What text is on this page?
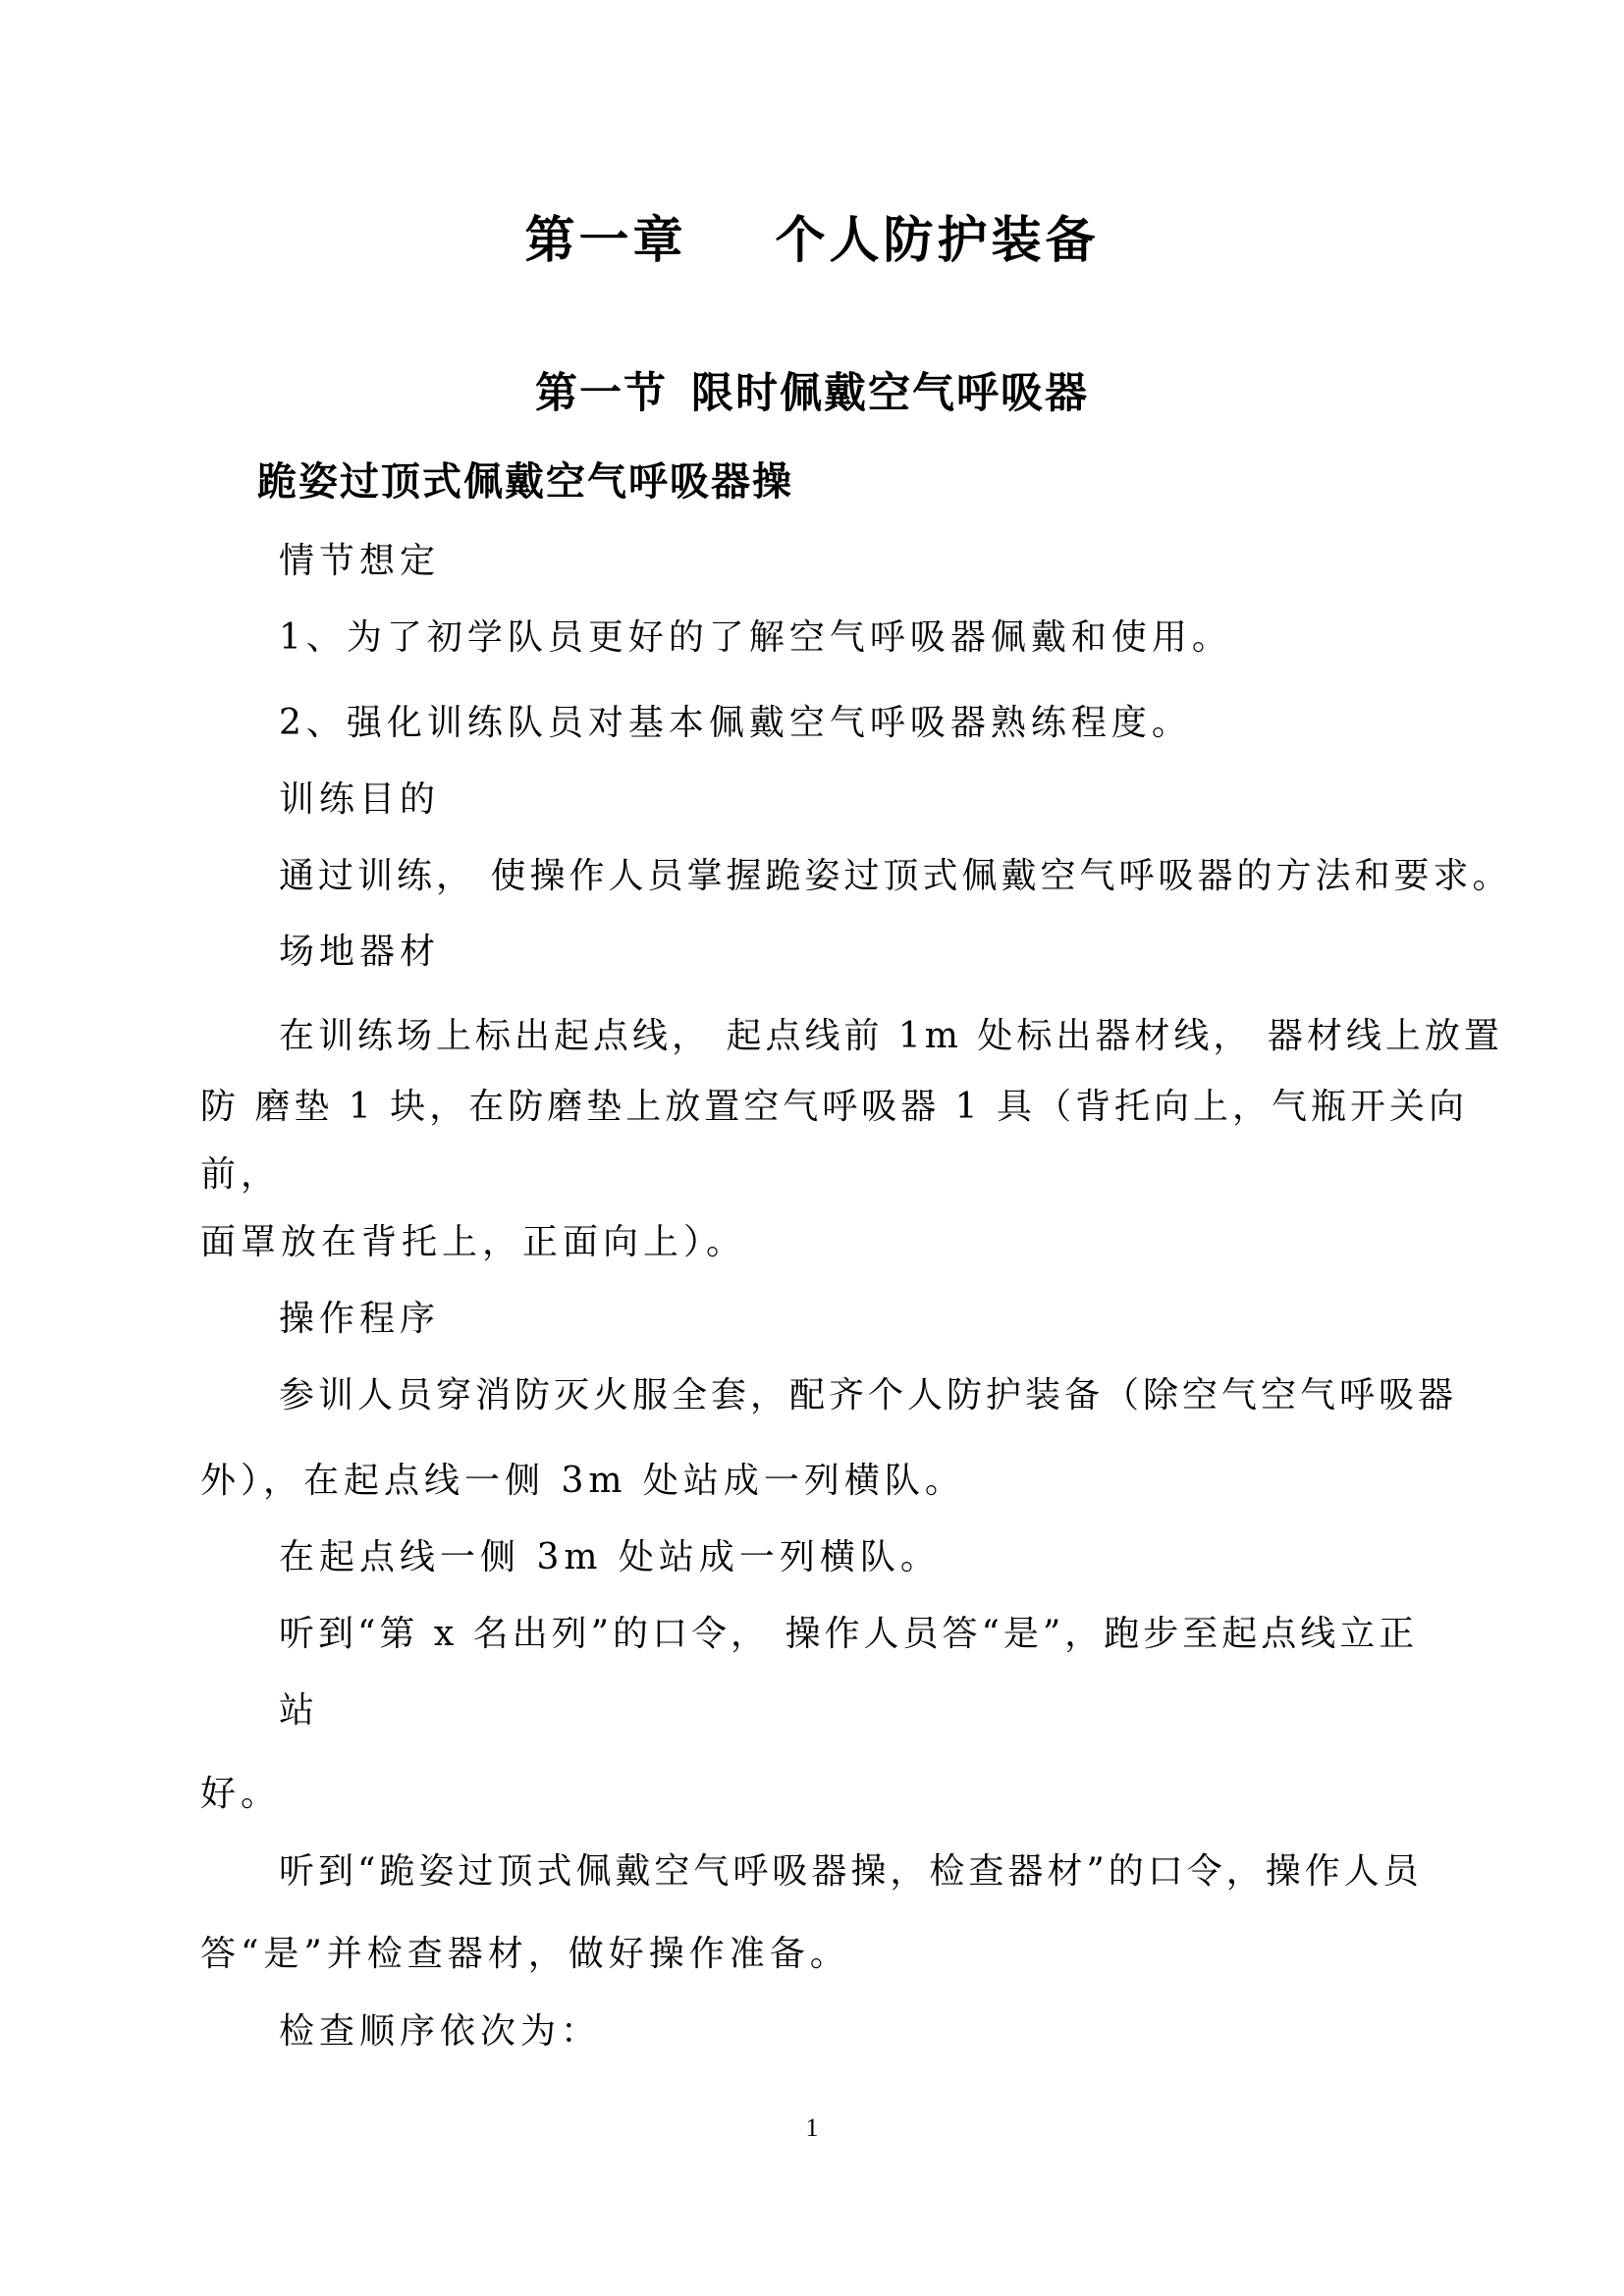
第一章 个人防护装备
第一节 限时佩戴空气呼吸器
跪姿过顶式佩戴空气呼吸器操

情节想定

1、为了初学队员更好的了解空气呼吸器佩戴和使用。

2、强化训练队员对基本佩戴空气呼吸器熟练程度。

训练目的

通过训练， 使操作人员掌握跪姿过顶式佩戴空气呼吸器的方法和要求。

场地器材

在训练场上标出起点线， 起点线前 1m 处标出器材线， 器材线上放置

防 磨垫 1 块，在防磨垫上放置空气呼吸器 1 具（背托向上，气瓶开关向

前，

面罩放在背托上，正面向上）。

操作程序

参训人员穿消防灭火服全套，配齐个人防护装备（除空气空气呼吸器

外），在起点线一侧 3m 处站成一列横队。

在起点线一侧 3m 处站成一列横队。

听到“第 x 名出列”的口令， 操作人员答“是”，跑步至起点线立正

站

好。

听到“跪姿过顶式佩戴空气呼吸器操，检查器材”的口令，操作人员

答“是”并检查器材，做好操作准备。

检查顺序依次为：

1
